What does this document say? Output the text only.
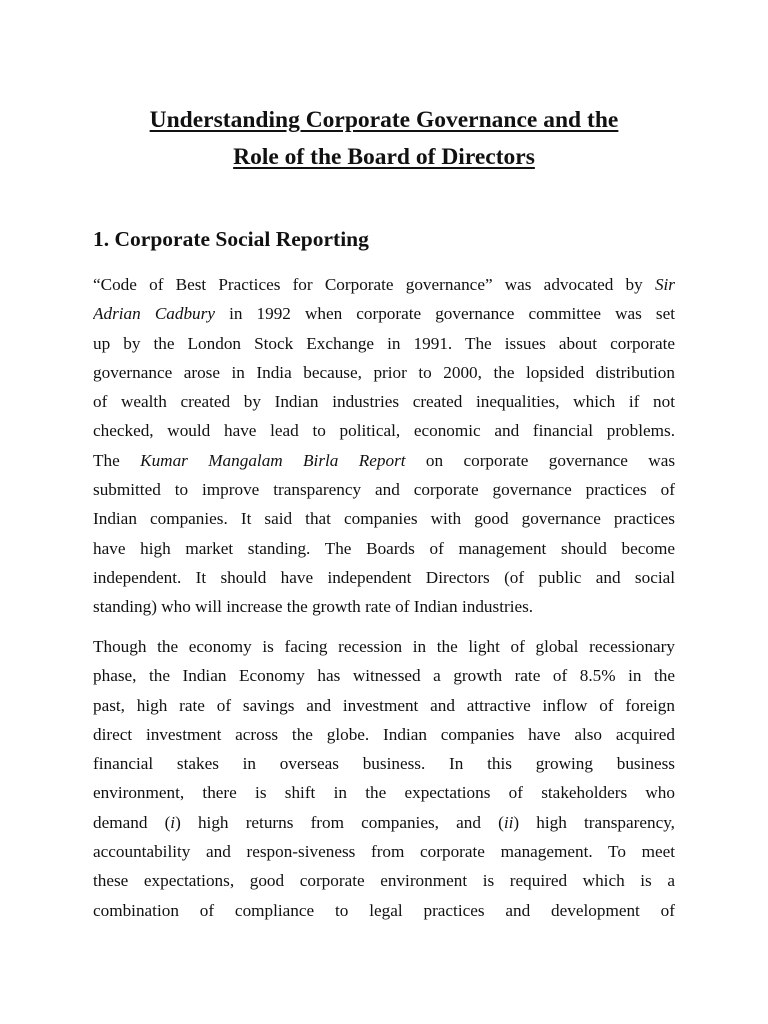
Understanding Corporate Governance and the
Role of the Board of Directors
1. Corporate Social Reporting
“Code of Best Practices for Corporate governance” was advocated by Sir
Adrian Cadbury in 1992 when corporate governance committee was set
up by the London Stock Exchange in 1991. The issues about corporate
governance arose in India because, prior to 2000, the lopsided distribution
of wealth created by Indian industries created inequalities, which if not
checked, would have lead to political, economic and financial problems.
The Kumar Mangalam Birla Report on corporate governance was
submitted to improve transparency and corporate governance practices of
Indian companies. It said that companies with good governance practices
have high market standing. The Boards of management should become
independent. It should have independent Directors (of public and social
standing) who will increase the growth rate of Indian industries.
Though the economy is facing recession in the light of global recessionary
phase, the Indian Economy has witnessed a growth rate of 8.5% in the
past, high rate of savings and investment and attractive inflow of foreign
direct investment across the globe. Indian companies have also acquired
financial stakes in overseas business. In this growing business
environment, there is shift in the expectations of stakeholders who
demand (i) high returns from companies, and (ii) high transparency,
accountability and respon-siveness from corporate management. To meet
these expectations, good corporate environment is required which is a
combination of compliance to legal practices and development of
